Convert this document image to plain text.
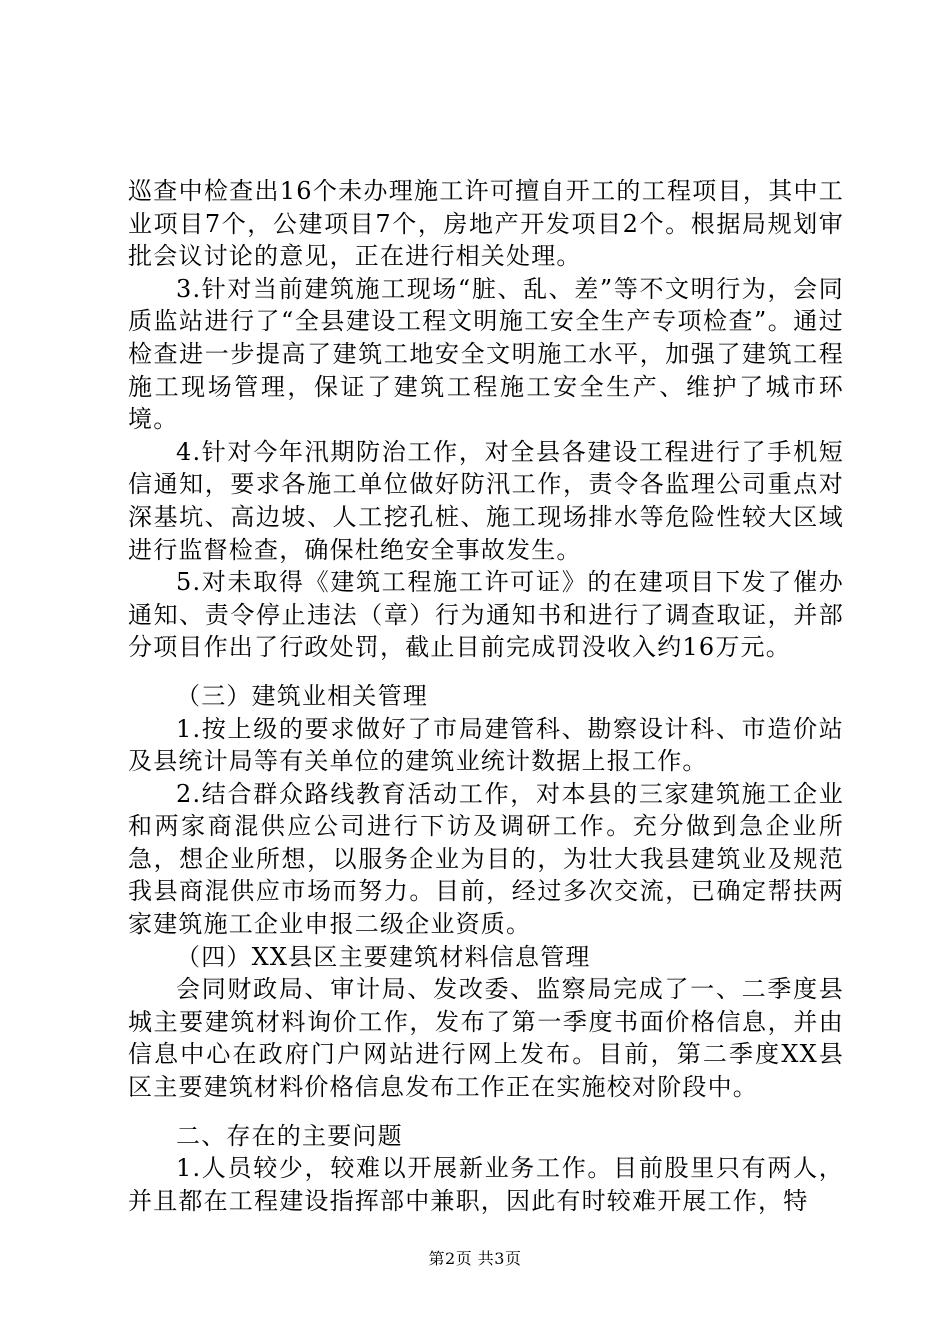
巡查中检查出16个未办理施工许可擅自开工的工程项目，其中工业项目7个，公建项目7个，房地产开发项目2个。根据局规划审批会议讨论的意见，正在进行相关处理。

3.针对当前建筑施工现场“脏、乱、差”等不文明行为，会同质监站进行了“全县建设工程文明施工安全生产专项检查”。通过检查进一步提高了建筑工地安全文明施工水平，加强了建筑工程施工现场管理，保证了建筑工程施工安全生产、维护了城市环境。

4.针对今年汛期防治工作，对全县各建设工程进行了手机短信通知，要求各施工单位做好防汛工作，责令各监理公司重点对深基坑、高边坡、人工挖孔桩、施工现场排水等危险性较大区域进行监督检查，确保杜绝安全事故发生。

5.对未取得《建筑工程施工许可证》的在建项目下发了催办通知、责令停止违法（章）行为通知书和进行了调查取证，并部分项目作出了行政处罚，截止目前完成罚没收入约16万元。

（三）建筑业相关管理

1.按上级的要求做好了市局建管科、勘察设计科、市造价站及县统计局等有关单位的建筑业统计数据上报工作。

2.结合群众路线教育活动工作，对本县的三家建筑施工企业和两家商混供应公司进行下访及调研工作。充分做到急企业所急，想企业所想，以服务企业为目的，为壮大我县建筑业及规范我县商混供应市场而努力。目前，经过多次交流，已确定帮扶两家建筑施工企业申报二级企业资质。

（四）XX县区主要建筑材料信息管理

会同财政局、审计局、发改委、监察局完成了一、二季度县城主要建筑材料询价工作，发布了第一季度书面价格信息，并由信息中心在政府门户网站进行网上发布。目前，第二季度XX县区主要建筑材料价格信息发布工作正在实施校对阶段中。

二、存在的主要问题

1.人员较少，较难以开展新业务工作。目前股里只有两人，并且都在工程建设指挥部中兼职，因此有时较难开展工作，特

第2页 共3页
